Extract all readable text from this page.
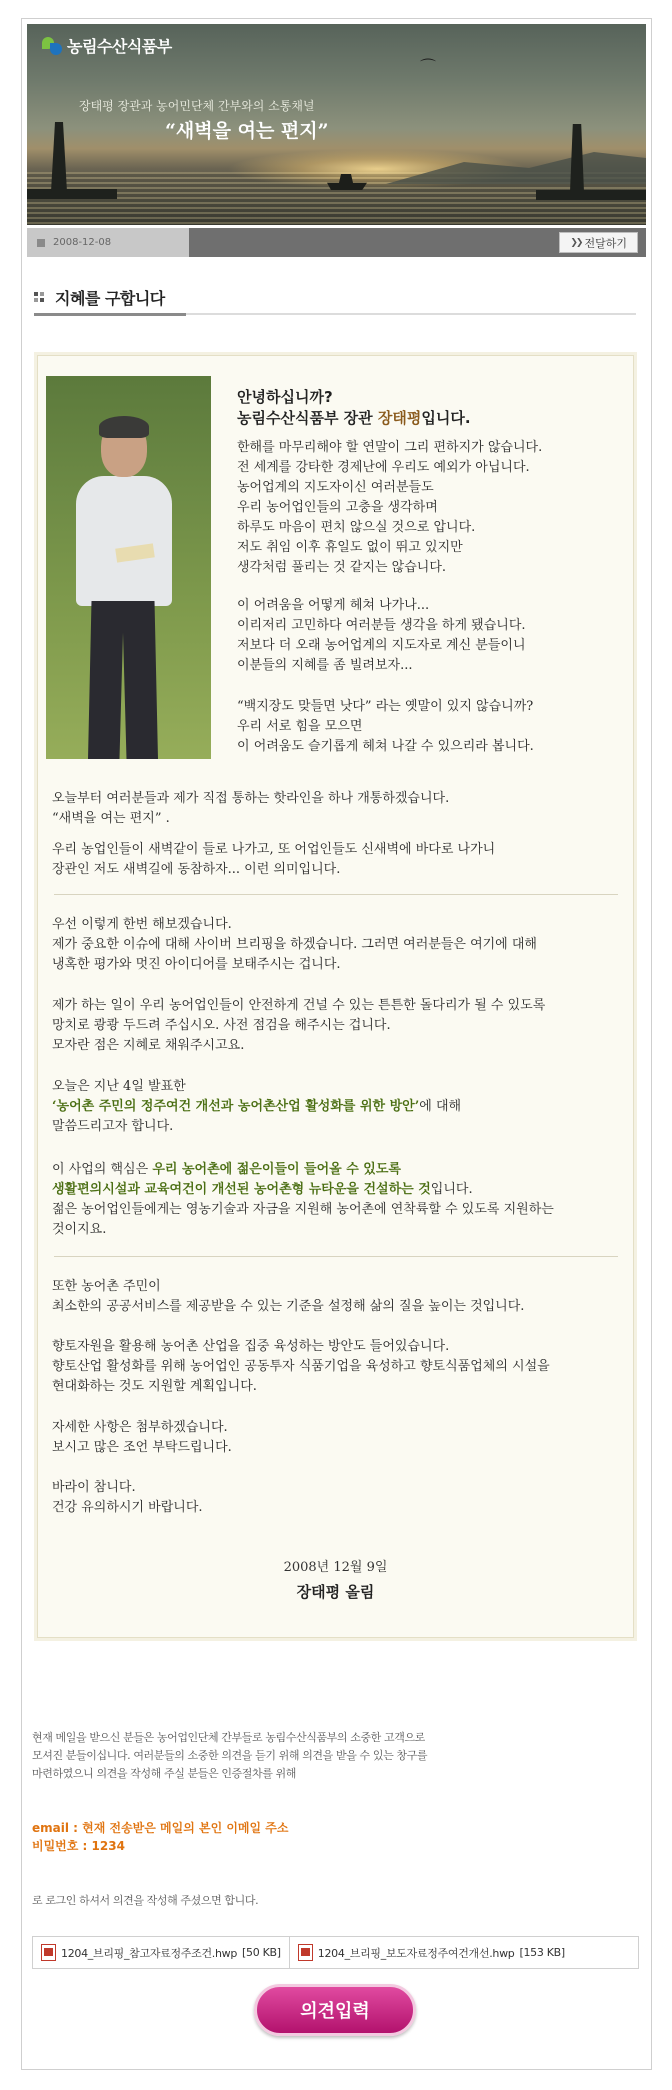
⌒
농림수산식품부
장태평 장관과 농어민단체 간부와의 소통채널
“새벽을 여는 편지”
2008-12-08	❯❯ 전달하기
지혜를 구합니다
안녕하십니까?
농림수산식품부 장관 장태평입니다.
한해를 마무리해야 할 연말이 그리 편하지가 않습니다.
전 세계를 강타한 경제난에 우리도 예외가 아닙니다.
농어업계의 지도자이신 여러분들도
우리 농어업인들의 고충을 생각하며
하루도 마음이 편치 않으실 것으로 압니다.
저도 취임 이후 휴일도 없이 뛰고 있지만
생각처럼 풀리는 것 같지는 않습니다.
이 어려움을 어떻게 헤쳐 나가나...
이리저리 고민하다 여러분들 생각을 하게 됐습니다.
저보다 더 오래 농어업계의 지도자로 계신 분들이니
이분들의 지혜를 좀 빌려보자...
“백지장도 맞들면 낫다” 라는 옛말이 있지 않습니까?
우리 서로 힘을 모으면
이 어려움도 슬기롭게 헤쳐 나갈 수 있으리라 봅니다.
오늘부터 여러분들과 제가 직접 통하는 핫라인을 하나 개통하겠습니다.
“새벽을 여는 편지” .
우리 농업인들이 새벽같이 들로 나가고, 또 어업인들도 신새벽에 바다로 나가니
장관인 저도 새벽길에 동참하자... 이런 의미입니다.
우선 이렇게 한번 해보겠습니다.
제가 중요한 이슈에 대해 사이버 브리핑을 하겠습니다. 그러면 여러분들은 여기에 대해
냉혹한 평가와 멋진 아이디어를 보태주시는 겁니다.
제가 하는 일이 우리 농어업인들이 안전하게 건널 수 있는 튼튼한 돌다리가 될 수 있도록
망치로 쾅쾅 두드려 주십시오. 사전 점검을 해주시는 겁니다.
모자란 점은 지혜로 채워주시고요.
오늘은 지난 4일 발표한
‘농어촌 주민의 정주여건 개선과 농어촌산업 활성화를 위한 방안’에 대해
말씀드리고자 합니다.
이 사업의 핵심은 우리 농어촌에 젊은이들이 들어올 수 있도록
생활편의시설과 교육여건이 개선된 농어촌형 뉴타운을 건설하는 것입니다.
젊은 농어업인들에게는 영농기술과 자금을 지원해 농어촌에 연착륙할 수 있도록 지원하는
것이지요.
또한 농어촌 주민이
최소한의 공공서비스를 제공받을 수 있는 기준을 설정해 삶의 질을 높이는 것입니다.
향토자원을 활용해 농어촌 산업을 집중 육성하는 방안도 들어있습니다.
향토산업 활성화를 위해 농어업인 공동투자 식품기업을 육성하고 향토식품업체의 시설을
현대화하는 것도 지원할 계획입니다.
자세한 사항은 첨부하겠습니다.
보시고 많은 조언 부탁드립니다.
바라이 참니다.
건강 유의하시기 바랍니다.
2008년 12월 9일
장태평 올림
현재 메일을 받으신 분들은 농어업인단체 간부들로 농림수산식품부의 소중한 고객으로
모셔진 분들이십니다. 여러분들의 소중한 의견을 듣기 위해 의견을 받을 수 있는 창구를
마련하였으니 의견을 작성해 주실 분들은 인증절차를 위해
email : 현재 전송받은 메일의 본인 이메일 주소
비밀번호 : 1234
로 로그인 하셔서 의견을 작성해 주셨으면 합니다.
1204_브리핑_참고자료정주조건.hwp [50 KB]	1204_브리핑_보도자료정주여건개선.hwp [153 KB]
의견입력
